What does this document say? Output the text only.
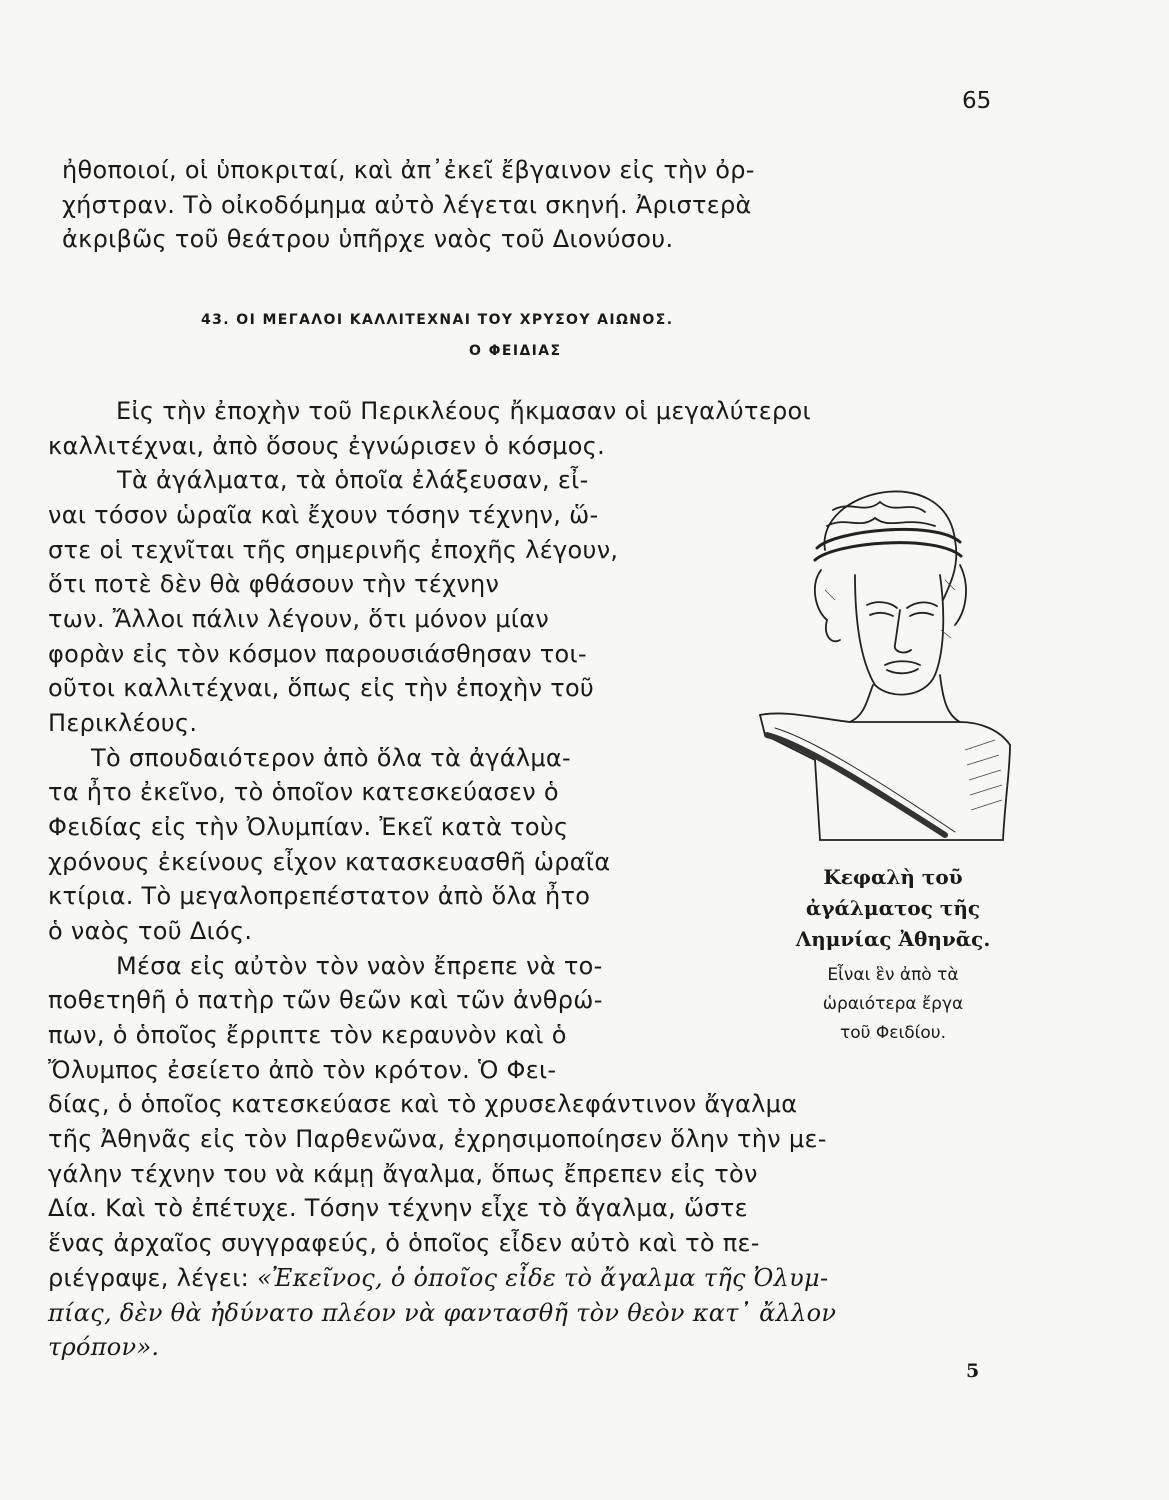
65
ἠθοποιοί, οἱ ὑποκριταί, καὶ ἀπ᾿ἐκεῖ ἔβγαινον εἰς τὴν ὀρ-
χήστραν. Τὸ οἰκοδόμημα αὐτὸ λέγεται σκηνή. Ἀριστερὰ
ἀκριβῶς τοῦ θεάτρου ὑπῆρχε ναὸς τοῦ Διονύσου.
43. ΟΙ ΜΕΓΑΛΟΙ ΚΑΛΛΙΤΕΧΝΑΙ ΤΟΥ ΧΡΥΣΟΥ ΑΙΩΝΟΣ.
Ο ΦΕΙΔΙΑΣ
Εἰς τὴν ἐποχὴν τοῦ Περικλέους ἤκμασαν οἱ μεγαλύτεροι
καλλιτέχναι, ἀπὸ ὅσους ἐγνώρισεν ὁ κόσμος.
Τὰ ἀγάλματα, τὰ ὁποῖα ἐλάξευσαν, εἶ-
ναι τόσον ὡραῖα καὶ ἔχουν τόσην τέχνην, ὥ-
στε οἱ τεχνῖται τῆς σημερινῆς ἐποχῆς λέγουν,
ὅτι ποτὲ δὲν θὰ φθάσουν τὴν τέχνην
των. Ἄλλοι πάλιν λέγουν, ὅτι μόνον μίαν
φορὰν εἰς τὸν κόσμον παρουσιάσθησαν τοι-
οῦτοι καλλιτέχναι, ὅπως εἰς τὴν ἐποχὴν τοῦ
Περικλέους.
Τὸ σπουδαιότερον ἀπὸ ὅλα τὰ ἀγάλμα-
τα ἦτο ἐκεῖνο, τὸ ὁποῖον κατεσκεύασεν ὁ
Φειδίας εἰς τὴν Ὀλυμπίαν. Ἐκεῖ κατὰ τοὺς
χρόνους ἐκείνους εἶχον κατασκευασθῆ ὡραῖα
κτίρια. Τὸ μεγαλοπρεπέστατον ἀπὸ ὅλα ἦτο
ὁ ναὸς τοῦ Διός.
Μέσα εἰς αὐτὸν τὸν ναὸν ἔπρεπε νὰ το-
ποθετηθῆ ὁ πατὴρ τῶν θεῶν καὶ τῶν ἀνθρώ-
πων, ὁ ὁποῖος ἔρριπτε τὸν κεραυνὸν καὶ ὁ
Ὄλυμπος ἐσείετο ἀπὸ τὸν κρότον. Ὁ Φει-
δίας, ὁ ὁποῖος κατεσκεύασε καὶ τὸ χρυσελεφάντινον ἄγαλμα
τῆς Ἀθηνᾶς εἰς τὸν Παρθενῶνα, ἐχρησιμοποίησεν ὅλην τὴν με-
γάλην τέχνην του νὰ κάμῃ ἄγαλμα, ὅπως ἔπρεπεν εἰς τὸν
Δία. Καὶ τὸ ἐπέτυχε. Τόσην τέχνην εἶχε τὸ ἄγαλμα, ὥστε
ἕνας ἀρχαῖος συγγραφεύς, ὁ ὁποῖος εἶδεν αὐτὸ καὶ τὸ πε-
ριέγραψε, λέγει: «Ἐκεῖνος, ὁ ὁποῖος εἶδε τὸ ἄγαλμα τῆς Ὀλυμ-
πίας, δὲν θὰ ἠδύνατο πλέον νὰ φαντασθῆ τὸν θεὸν κατ᾿ ἄλλον
τρόπον».
Κεφαλὴ τοῦ
ἀγάλματος τῆς
Λημνίας Ἀθηνᾶς.
Εἶναι ἓν ἀπὸ τὰ
ὡραιότερα ἔργα
τοῦ Φειδίου.
5
